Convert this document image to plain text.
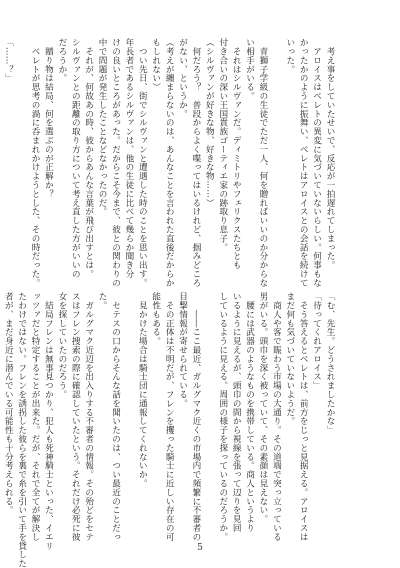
　考え事をしていたせいで、反応が一拍遅れてしまった。
　アロイスはベレトの異変に気づいていないらしい。何事もな
かったかのように振舞い、ベレトはアロイスとの会話を続けて
いった。

　青獅子学級の生徒でただ一人、何を贈ればいいのか分からな
い相手がいる。
　それはシルヴァンだ。ディミトリやフェリクスたちとも
付き合いの深い王国貴族ゴーティエ家の跡取り息子。
（シルヴァンが好きな物、好きな物……）
　何だろう？　普段からよく喋ってはいるけれど、掴みどころ
がない、というか。
（考えが纏まらないのは、あんなことを言われた直後だからか
もしれない）
　つい先日、街でシルヴァンと遭遇した時のことを思い出す。
年長者であるシルヴァンは、他の生徒に比べて幾らか聞き分
けの良いところがあった。だからこそ今まで、彼との関わりの
中で問題が発生したことなどなかったのだ。
　それが、何故あの時、彼からあんな言葉が飛び出すとは。
シルヴァンとの距離の取り方について考え直した方がいいの
だろうか。
　贈り物は結局、何を選ぶのが正解か？
　ベレトが思考の渦に呑まれかけようとした、その時だった。

「……？」
「む、先生。どうされましたかな」
「待ってくれアロイス」
　そう答えるとベレトは、前方をじっと見据える。アロイスは
まだ何も気づいていないようだ。
　商人や客で賑わう市場の大通り。その道端で突っ立っている
男がいる。頭巾を深く被っていて、その素顔は見えない。
　腰には武器のようなものを携帯している。商人というより
いるように見えるが、頭巾の間から視線を張って辺りを見回
しているように見える。周囲の様子を探っているのだろうか。

　　――ここ最近、ガルグマク近くの市場内で頻繁に不審者の
目撃情報が寄せられている。
　その正体は不明だが、フレンを攫った騎士に近しい存在の可
能性もある。
　見かけた場合は騎士団に通報してくれないか。

　セテスの口からそんな話を聞いたのは、つい最近のことだっ
た。
　ガルグマク近辺を出入りする不審者の情報。その殆どをセテ
スはフレン捜索の際に確認していたという。それだけ必死に彼
女を探していたのだろう。
　結局フレンは無事見つかり、犯人も死神騎士といった、イエリ
ッツァだと特定することが出来た。だが、それで全てが解決し
たわけではない。フレンを誘拐した彼らを裏で糸を引いて手を貸した
者が、まだ身近に潜んでいる可能性も十分考えられる。
5
